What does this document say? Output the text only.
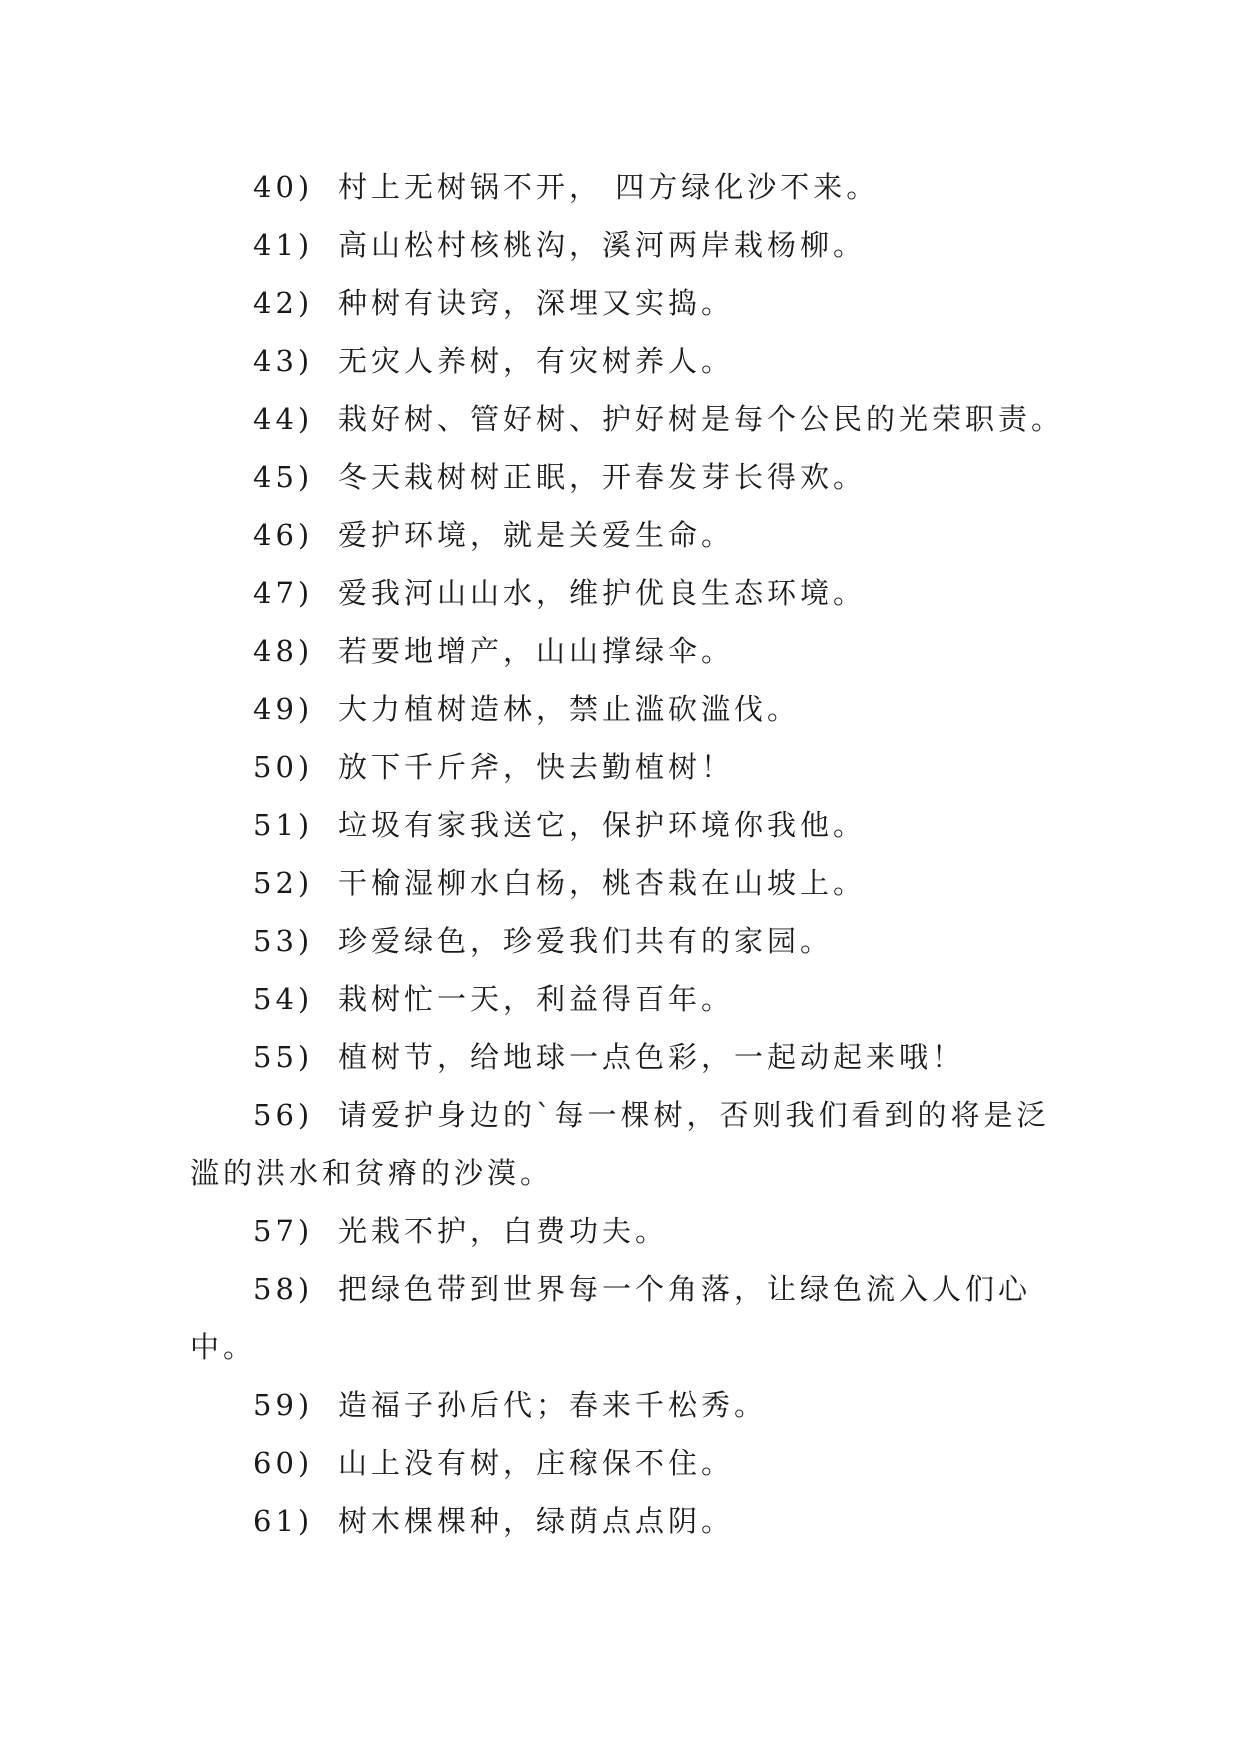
40) 村上无树锅不开， 四方绿化沙不来。
41) 高山松村核桃沟，溪河两岸栽杨柳。
42) 种树有诀窍，深埋又实捣。
43) 无灾人养树，有灾树养人。
44) 栽好树、管好树、护好树是每个公民的光荣职责。
45) 冬天栽树树正眠，开春发芽长得欢。
46) 爱护环境，就是关爱生命。
47) 爱我河山山水，维护优良生态环境。
48) 若要地增产，山山撑绿伞。
49) 大力植树造林，禁止滥砍滥伐。
50) 放下千斤斧，快去勤植树！
51) 垃圾有家我送它，保护环境你我他。
52) 干榆湿柳水白杨，桃杏栽在山坡上。
53) 珍爱绿色，珍爱我们共有的家园。
54) 栽树忙一天，利益得百年。
55) 植树节，给地球一点色彩，一起动起来哦！
56) 请爱护身边的`每一棵树，否则我们看到的将是泛
滥的洪水和贫瘠的沙漠。
57) 光栽不护，白费功夫。
58) 把绿色带到世界每一个角落，让绿色流入人们心
中。
59) 造福子孙后代；春来千松秀。
60) 山上没有树，庄稼保不住。
61) 树木棵棵种，绿荫点点阴。
